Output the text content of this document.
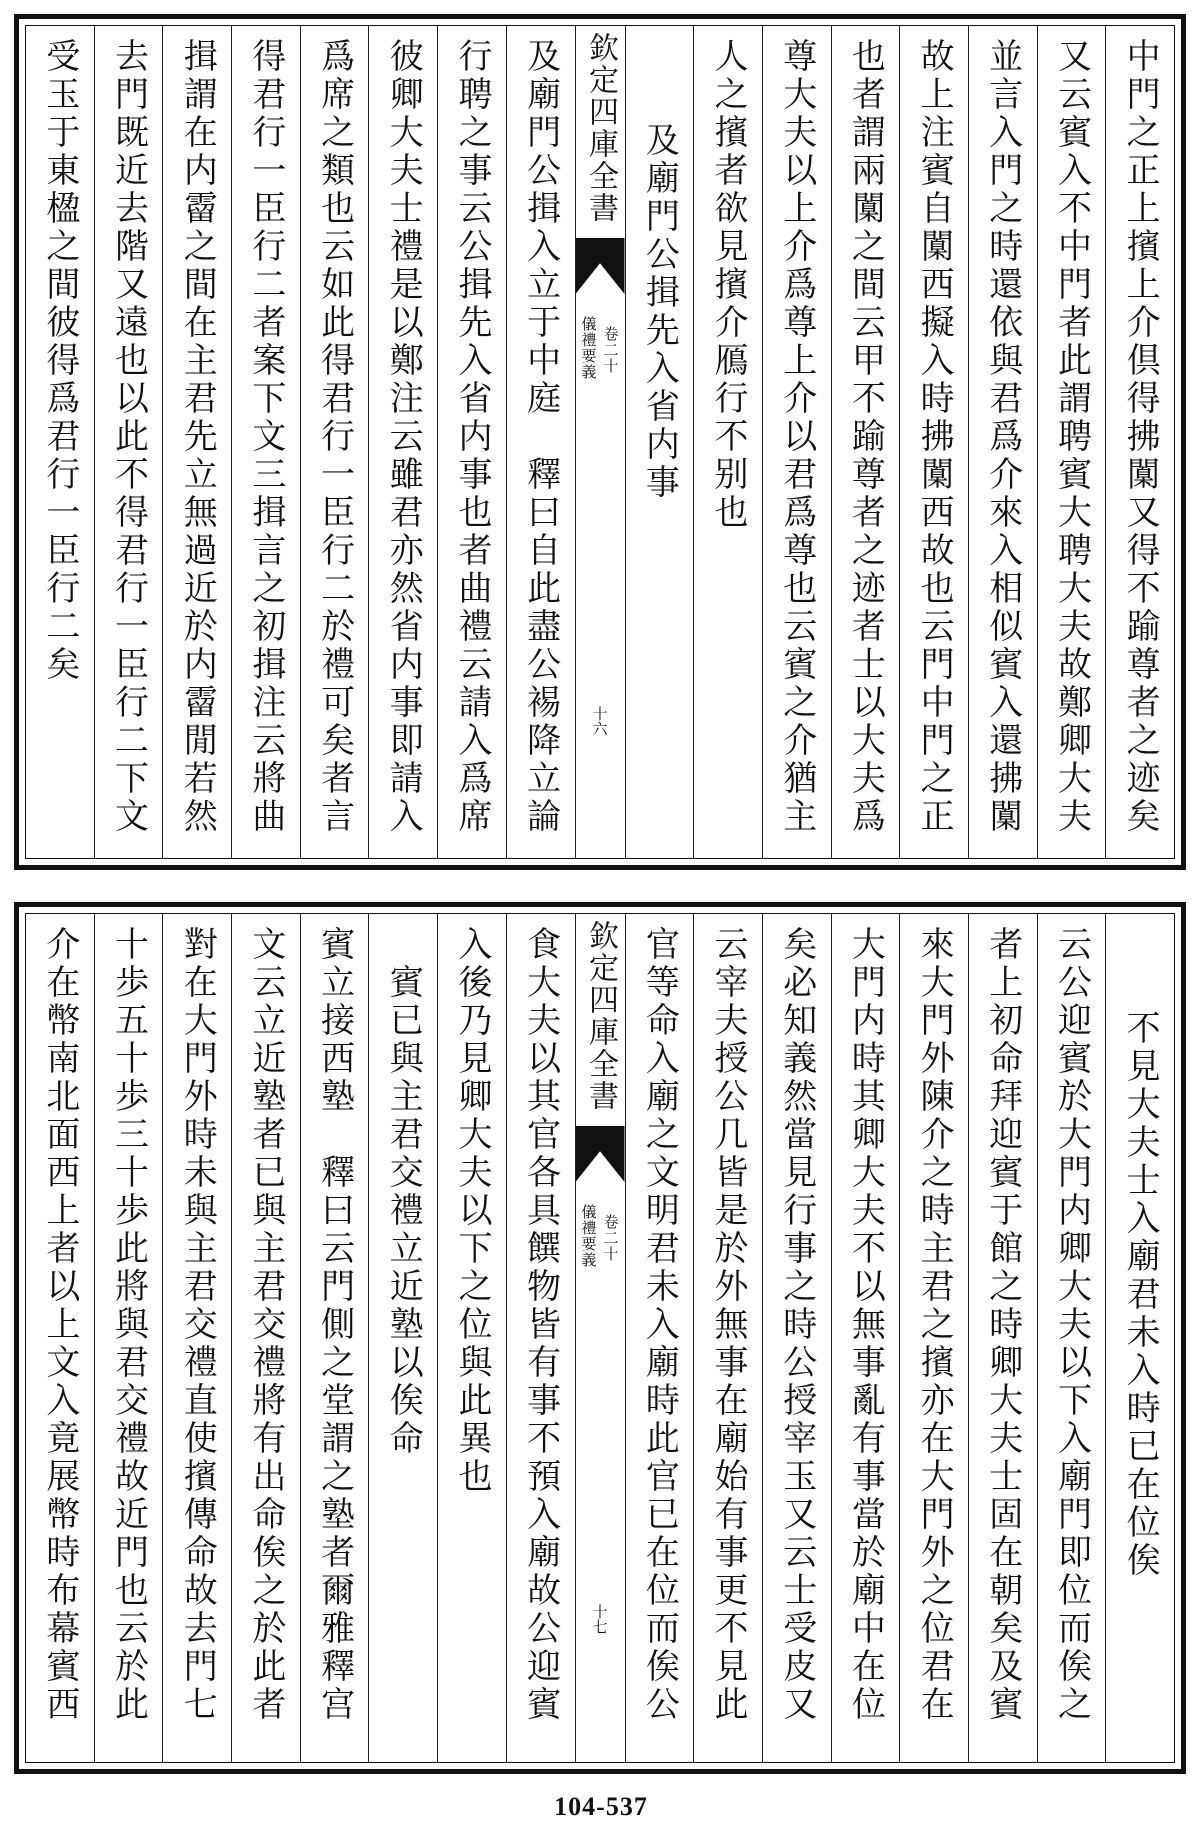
中門之正上擯上介倶得拂闑又得不踰尊者之迹矣
又云賓入不中門者此謂聘賓大聘大夫故鄭卿大夫
並言入門之時還依與君爲介來入相似賓入還拂闑
故上注賓自闑西擬入時拂闑西故也云門中門之正
也者謂兩闑之間云甲不踰尊者之迹者士以大夫爲
尊大夫以上介爲尊上介以君爲尊也云賓之介猶主
人之擯者欲見擯介鴈行不别也
及廟門公揖先入省内事
欽定四庫全書
儀禮要義 卷二十
十六
及廟門公揖入立于中庭　釋曰自此盡公裼降立論
行聘之事云公揖先入省内事也者曲禮云請入爲席
彼卿大夫士禮是以鄭注云雖君亦然省内事即請入
爲席之類也云如此得君行一臣行二於禮可矣者言
得君行一臣行二者案下文三揖言之初揖注云將曲
揖謂在内霤之間在主君先立無過近於内霤閒若然
去門既近去階又遠也以此不得君行一臣行二下文
受玉于東楹之間彼得爲君行一臣行二矣
不見大夫士入廟君未入時已在位俟
云公迎賓於大門内卿大夫以下入廟門即位而俟之
者上初命拜迎賓于館之時卿大夫士固在朝矣及賓
來大門外陳介之時主君之擯亦在大門外之位君在
大門内時其卿大夫不以無事亂有事當於廟中在位
矣必知義然當見行事之時公授宰玉又云士受皮又
云宰夫授公几皆是於外無事在廟始有事更不見此
官等命入廟之文明君未入廟時此官已在位而俟公
欽定四庫全書
儀禮要義 卷二十
十七
食大夫以其官各具饌物皆有事不預入廟故公迎賓
入後乃見卿大夫以下之位與此異也
賓已與主君交禮立近塾以俟命
賓立接西塾　釋曰云門側之堂謂之塾者爾雅釋宫
文云立近塾者已與主君交禮將有出命俟之於此者
對在大門外時未與主君交禮直使擯傳命故去門七
十歩五十歩三十歩此將與君交禮故近門也云於此
介在幣南北面西上者以上文入竟展幣時布幕賓西
104-537
